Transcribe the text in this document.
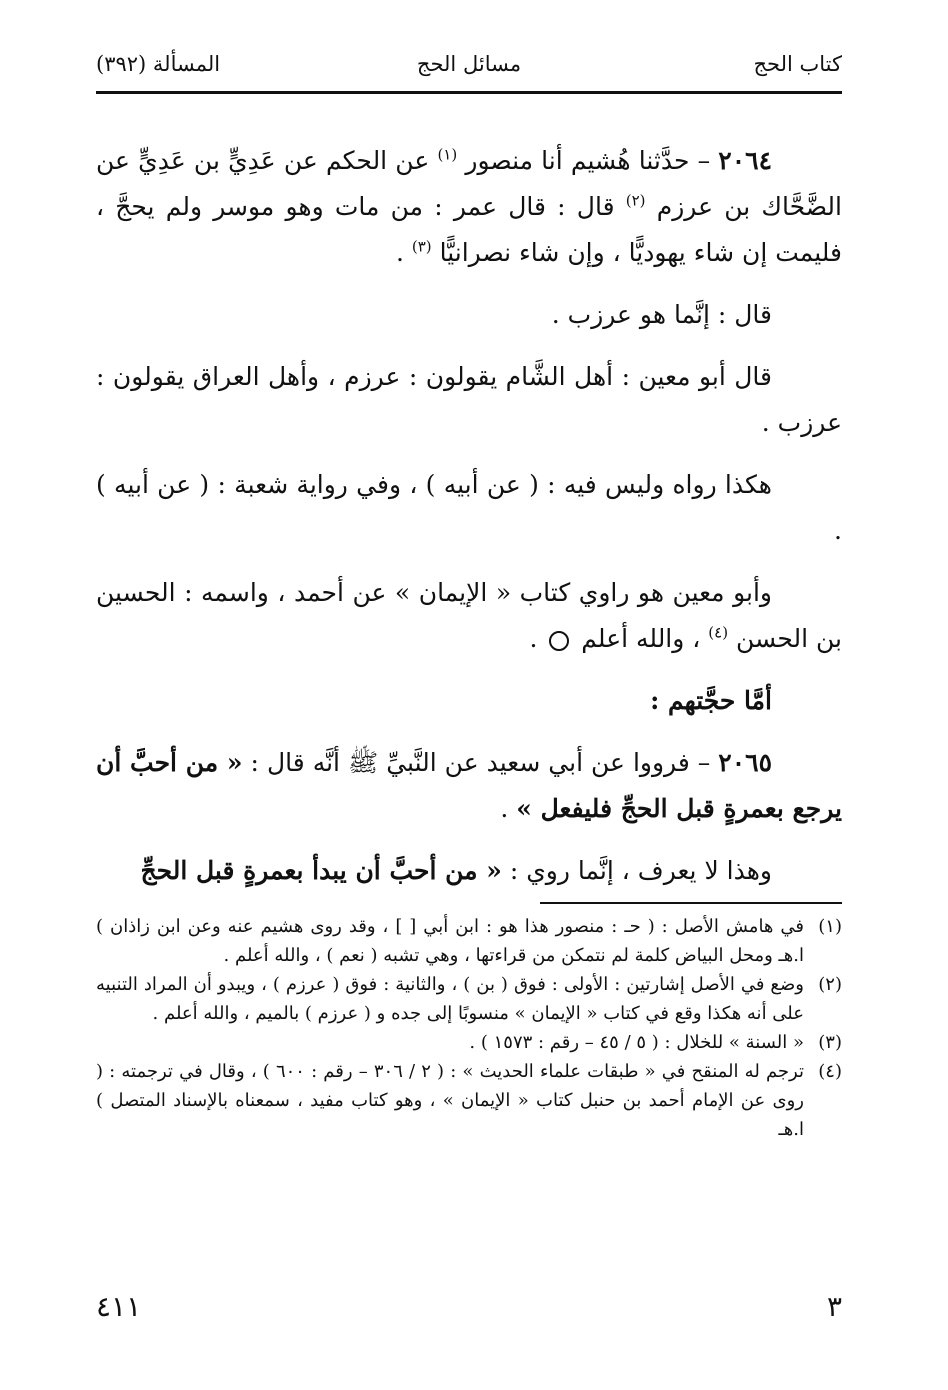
كتاب الحج
مسائل الحج
المسألة (٣٩٢)

٢٠٦٤ – حدَّثنا هُشيم أنا منصور $^{(١)}$ عن الحكم عن عَدِيٍّ بن عَدِيٍّ عن الضَّحَّاك بن عرزم $^{(٢)}$ قال : قال عمر : من مات وهو موسر ولم يحجَّ ، فليمت إن شاء يهوديًّا ، وإن شاء نصرانيًّا $^{(٣)}$ .

قال : إنَّما هو عرزب .

قال أبو معين : أهل الشَّام يقولون : عرزم ، وأهل العراق يقولون : عرزب .

هكذا رواه وليس فيه : ( عن أبيه ) ، وفي رواية شعبة : ( عن أبيه ) .

وأبو معين هو راوي كتاب « الإيمان » عن أحمد ، واسمه : الحسين بن الحسن $^{(٤)}$ ، والله أعلم  .

أمَّا حجَّتهم :

٢٠٦٥ – فرووا عن أبي سعيد عن النَّبيِّ ﷺ أنَّه قال : « من أحبَّ أن يرجع بعمرةٍ قبل الحجِّ فليفعل » .

وهذا لا يعرف ، إنَّما روي : « من أحبَّ أن يبدأ بعمرةٍ قبل الحجِّ

(١)
في هامش الأصل : ( حـ : منصور هذا هو : ابن أبي [ ] ، وقد روى هشيم عنه وعن ابن زاذان ) ا.هـ ومحل البياض كلمة لم نتمكن من قراءتها ، وهي تشبه ( نعم ) ، والله أعلم .

(٢)
وضع في الأصل إشارتين : الأولى : فوق ( بن ) ، والثانية : فوق ( عرزم ) ، ويبدو أن المراد التنبيه على أنه هكذا وقع في كتاب « الإيمان » منسوبًا إلى جده و ( عرزم ) بالميم ، والله أعلم .

(٣)
« السنة » للخلال : ( ٥ / ٤٥ – رقم : ١٥٧٣ ) .

(٤)
ترجم له المنقح في « طبقات علماء الحديث » : ( ٢ / ٣٠٦ – رقم : ٦٠٠ ) ، وقال في ترجمته : ( روى عن الإمام أحمد بن حنبل كتاب « الإيمان » ، وهو كتاب مفيد ، سمعناه بالإسناد المتصل ) ا.هـ

٣
٤١١
